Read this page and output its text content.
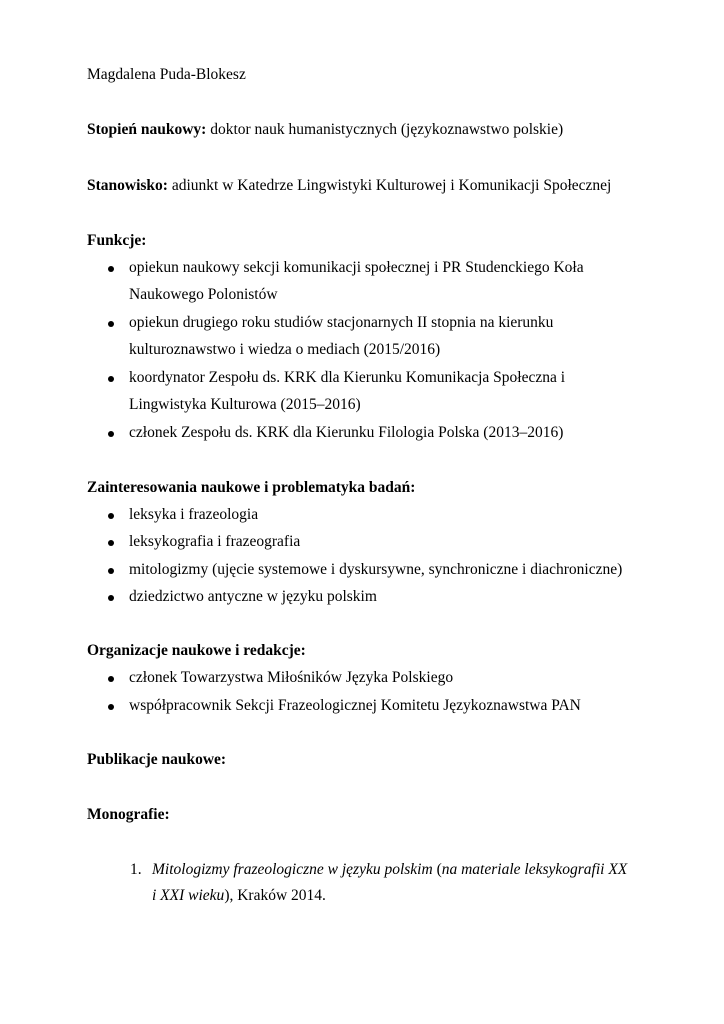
Magdalena Puda-Blokesz
Stopień naukowy: doktor nauk humanistycznych (językoznawstwo polskie)
Stanowisko: adiunkt w Katedrze Lingwistyki Kulturowej i Komunikacji Społecznej
Funkcje:
opiekun naukowy sekcji komunikacji społecznej i PR Studenckiego Koła
Naukowego Polonistów
opiekun drugiego roku studiów stacjonarnych II stopnia na kierunku
kulturoznawstwo i wiedza o mediach (2015/2016)
koordynator Zespołu ds. KRK dla Kierunku Komunikacja Społeczna i
Lingwistyka Kulturowa (2015–2016)
członek Zespołu ds. KRK dla Kierunku Filologia Polska (2013–2016)
Zainteresowania naukowe i problematyka badań:
leksyka i frazeologia
leksykografia i frazeografia
mitologizmy (ujęcie systemowe i dyskursywne, synchroniczne i diachroniczne)
dziedzictwo antyczne w języku polskim
Organizacje naukowe i redakcje:
członek Towarzystwa Miłośników Języka Polskiego
współpracownik Sekcji Frazeologicznej Komitetu Językoznawstwa PAN
Publikacje naukowe:
Monografie:
1. Mitologizmy frazeologiczne w języku polskim (na materiale leksykografii XX
i XXI wieku), Kraków 2014.
